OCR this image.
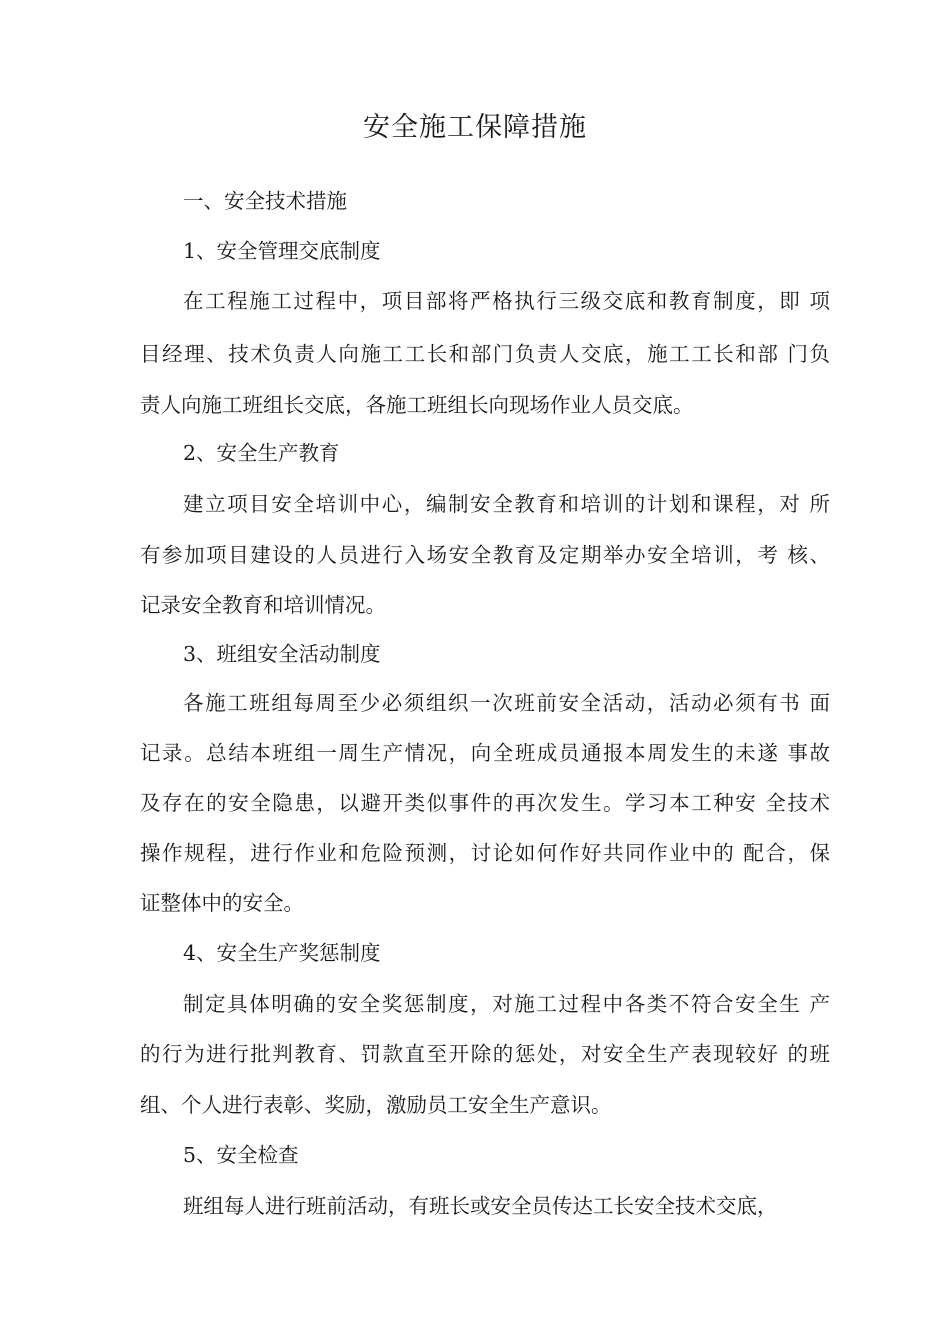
安全施工保障措施
一、安全技术措施
1、安全管理交底制度
在工程施工过程中，项目部将严格执行三级交底和教育制度，即 项
目经理、技术负责人向施工工长和部门负责人交底，施工工长和部 门负
责人向施工班组长交底，各施工班组长向现场作业人员交底。
2、安全生产教育
建立项目安全培训中心，编制安全教育和培训的计划和课程，对 所
有参加项目建设的人员进行入场安全教育及定期举办安全培训，考 核、
记录安全教育和培训情况。
3、班组安全活动制度
各施工班组每周至少必须组织一次班前安全活动，活动必须有书 面
记录。总结本班组一周生产情况，向全班成员通报本周发生的未遂 事故
及存在的安全隐患，以避开类似事件的再次发生。学习本工种安 全技术
操作规程，进行作业和危险预测，讨论如何作好共同作业中的 配合，保
证整体中的安全。
4、安全生产奖惩制度
制定具体明确的安全奖惩制度，对施工过程中各类不符合安全生 产
的行为进行批判教育、罚款直至开除的惩处，对安全生产表现较好 的班
组、个人进行表彰、奖励，激励员工安全生产意识。
5、安全检查
班组每人进行班前活动，有班长或安全员传达工长安全技术交底，
